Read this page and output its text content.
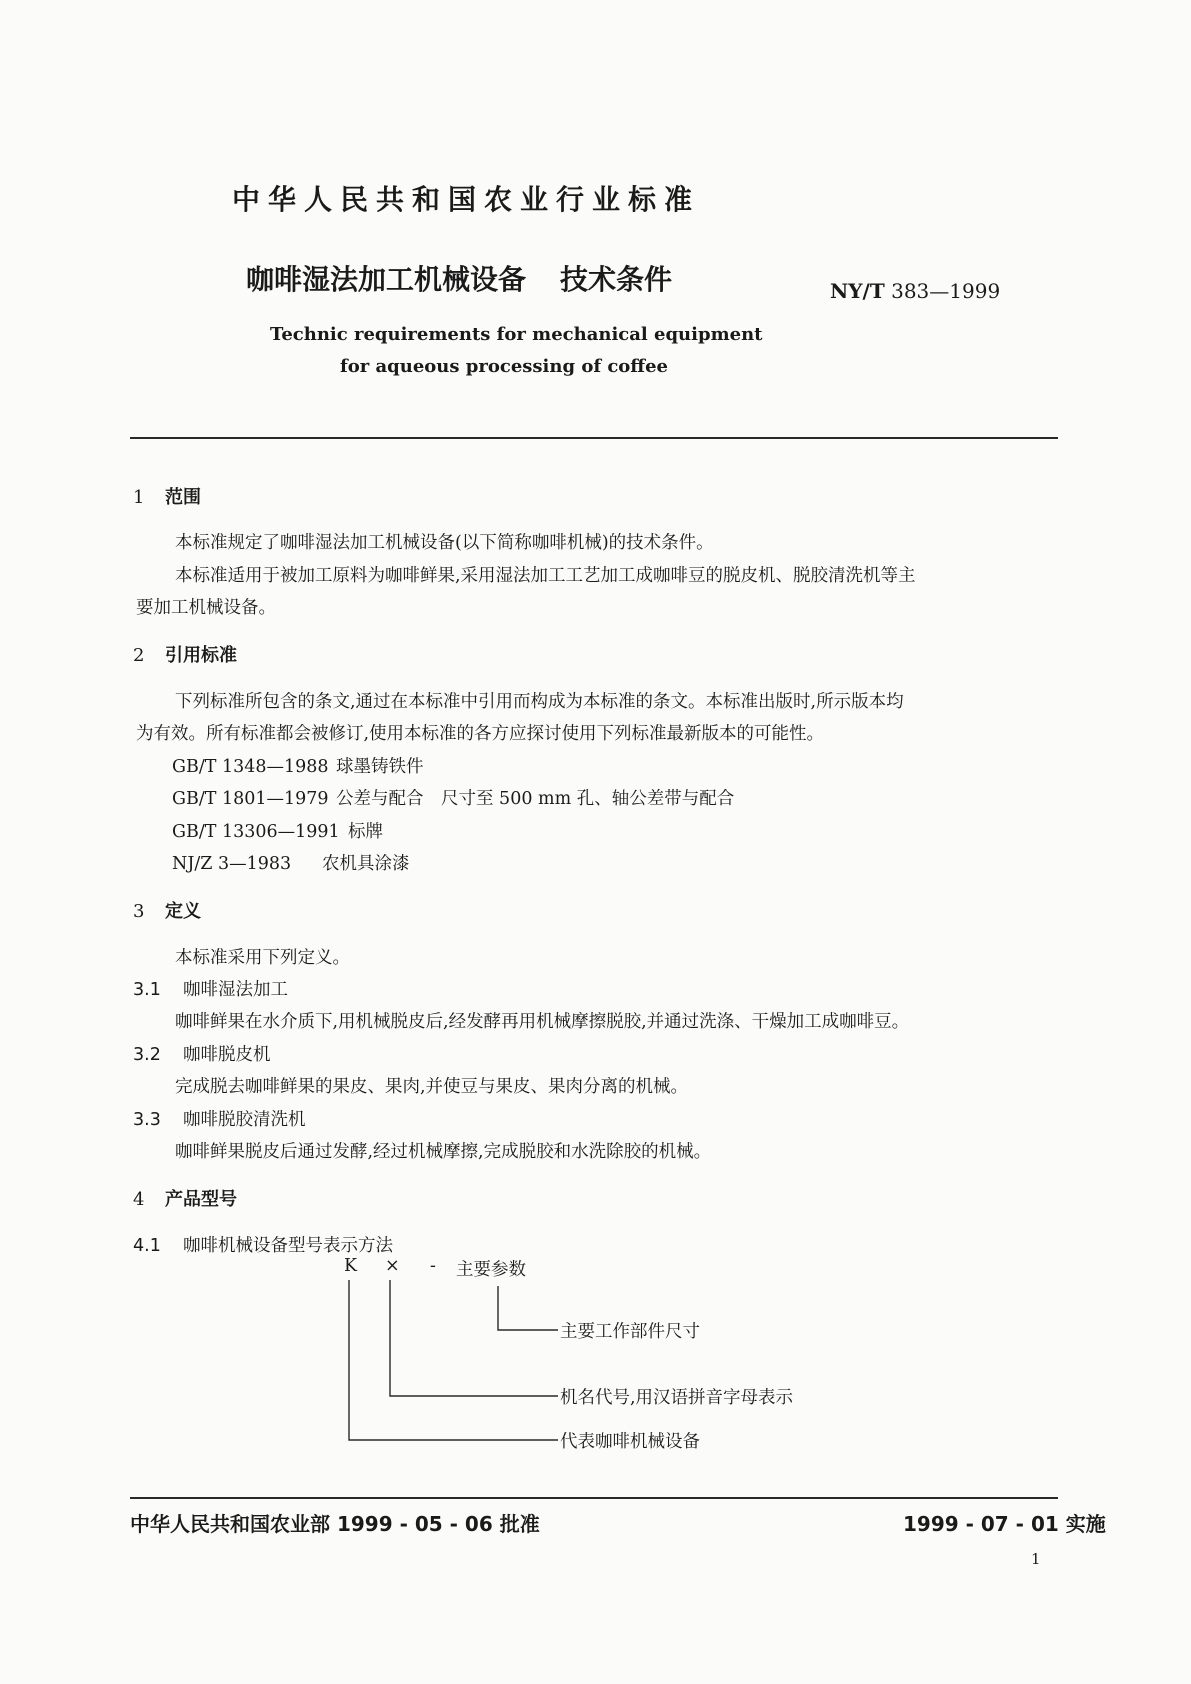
中华人民共和国农业行业标准
咖啡湿法加工机械设备 技术条件	NY/T 383—1999
Technic requirements for mechanical equipment
for aqueous processing of coffee
1 范围
本标准规定了咖啡湿法加工机械设备(以下简称咖啡机械)的技术条件。
本标准适用于被加工原料为咖啡鲜果,采用湿法加工工艺加工成咖啡豆的脱皮机、脱胶清洗机等主
要加工机械设备。
2 引用标准
下列标准所包含的条文,通过在本标准中引用而构成为本标准的条文。本标准出版时,所示版本均
为有效。所有标准都会被修订,使用本标准的各方应探讨使用下列标准最新版本的可能性。
GB/T 1348—1988 球墨铸铁件
GB/T 1801—1979 公差与配合　尺寸至 500 mm 孔、轴公差带与配合
GB/T 13306—1991 标牌
NJ/Z 3—1983 农机具涂漆
3 定义
本标准采用下列定义。
3.1 咖啡湿法加工
咖啡鲜果在水介质下,用机械脱皮后,经发酵再用机械摩擦脱胶,并通过洗涤、干燥加工成咖啡豆。
3.2 咖啡脱皮机
完成脱去咖啡鲜果的果皮、果肉,并使豆与果皮、果肉分离的机械。
3.3 咖啡脱胶清洗机
咖啡鲜果脱皮后通过发酵,经过机械摩擦,完成脱胶和水洗除胶的机械。
4 产品型号
4.1 咖啡机械设备型号表示方法
K × - 主要参数
主要工作部件尺寸
机名代号,用汉语拼音字母表示
代表咖啡机械设备
中华人民共和国农业部 1999 - 05 - 06 批准	1999 - 07 - 01 实施
1
